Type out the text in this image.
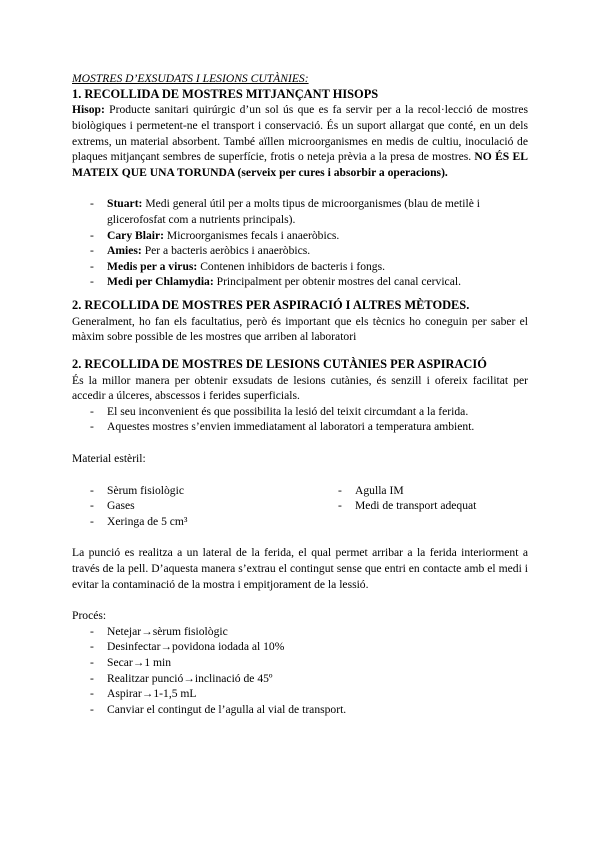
MOSTRES D’EXSUDATS I LESIONS CUTÀNIES:

1. RECOLLIDA DE MOSTRES MITJANÇANT HISOPS

Hisop: Producte sanitari quirúrgic d’un sol ús que es fa servir per a la recol·lecció de mostres biològiques i permetent-ne el transport i conservació. És un suport allargat que conté, en un dels extrems, un material absorbent. També aïllen microorganismes en medis de cultiu, inoculació de plaques mitjançant sembres de superfície, frotis o neteja prèvia a la presa de mostres. NO ÉS EL MATEIX QUE UNA TORUNDA (serveix per cures i absorbir a operacions).

- Stuart: Medi general útil per a molts tipus de microorganismes (blau de metilè i glicerofosfat com a nutrients principals).
- Cary Blair: Microorganismes fecals i anaeròbics.
- Amies: Per a bacteris aeròbics i anaeròbics.
- Medis per a virus: Contenen inhibidors de bacteris i fongs.
- Medi per Chlamydia: Principalment per obtenir mostres del canal cervical.
2. RECOLLIDA DE MOSTRES PER ASPIRACIÓ I ALTRES MÈTODES.

Generalment, ho fan els facultatius, però és important que els tècnics ho coneguin per saber el màxim sobre possible de les mostres que arriben al laboratori

2. RECOLLIDA DE MOSTRES DE LESIONS CUTÀNIES PER ASPIRACIÓ

És la millor manera per obtenir exsudats de lesions cutànies, és senzill i ofereix facilitat per accedir a úlceres, abscessos i ferides superficials.

- El seu inconvenient és que possibilita la lesió del teixit circumdant a la ferida.
- Aquestes mostres s’envien immediatament al laboratori a temperatura ambient.

Material estèril:

- Sèrum fisiològic
- Gases
- Xeringa de 5 cm³
- Agulla IM
- Medi de transport adequat

La punció es realitza a un lateral de la ferida, el qual permet arribar a la ferida interiorment a través de la pell. D’aquesta manera s’extrau el contingut sense que entri en contacte amb el medi i evitar la contaminació de la mostra i empitjorament de la lessió.

Procés:

- Netejar→sèrum fisiològic
- Desinfectar→povidona iodada al 10%
- Secar→1 min
- Realitzar punció→inclinació de 45º
- Aspirar→1-1,5 mL
- Canviar el contingut de l’agulla al vial de transport.
